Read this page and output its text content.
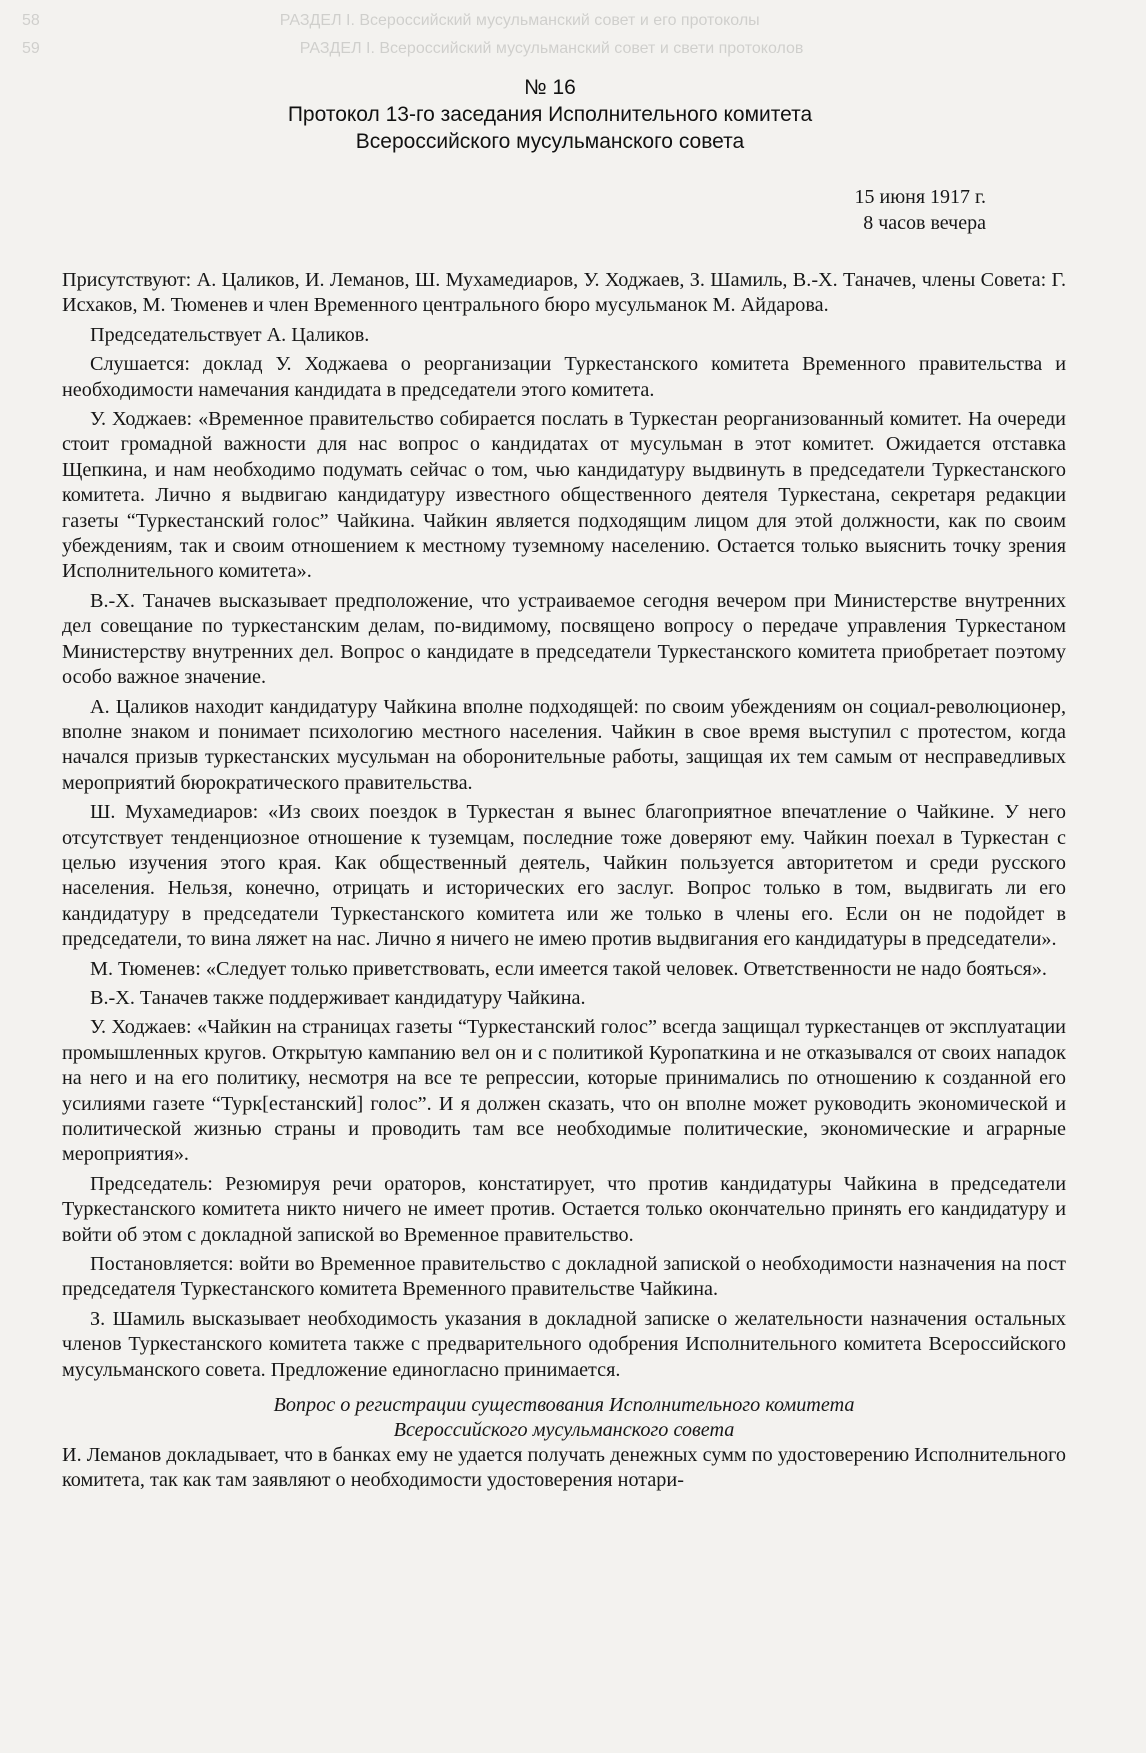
58	РАЗДЕЛ I. Всероссийский мусульманский совет и его протоколы
59	РАЗДЕЛ I. Всероссийский мусульманский совет и свети протоколов
№ 16
Протокол 13-го заседания Исполнительного комитета
Всероссийского мусульманского совета
15 июня 1917 г.
8 часов вечера

Присутствуют: А. Цаликов, И. Леманов, Ш. Мухамедиаров, У. Ходжаев, З. Шамиль, В.-Х. Таначев, члены Совета: Г. Исхаков, М. Тюменев и член Временного центрального бюро мусульманок М. Айдарова.

Председательствует А. Цаликов.

Слушается: доклад У. Ходжаева о реорганизации Туркестанского комитета Временного правительства и необходимости намечания кандидата в председатели этого комитета.

У. Ходжаев: «Временное правительство собирается послать в Туркестан реорганизованный комитет. На очереди стоит громадной важности для нас вопрос о кандидатах от мусульман в этот комитет. Ожидается отставка Щепкина, и нам необходимо подумать сейчас о том, чью кандидатуру выдвинуть в председатели Туркестанского комитета. Лично я выдвигаю кандидатуру известного общественного деятеля Туркестана, секретаря редакции газеты “Туркестанский голос” Чайкина. Чайкин является подходящим лицом для этой должности, как по своим убеждениям, так и своим отношением к местному туземному населению. Остается только выяснить точку зрения Исполнительного комитета».

В.-Х. Таначев высказывает предположение, что устраиваемое сегодня вечером при Министерстве внутренних дел совещание по туркестанским делам, по-видимому, посвящено вопросу о передаче управления Туркестаном Министерству внутренних дел. Вопрос о кандидате в председатели Туркестанского комитета приобретает поэтому особо важное значение.

А. Цаликов находит кандидатуру Чайкина вполне подходящей: по своим убеждениям он социал-революционер, вполне знаком и понимает психологию местного населения. Чайкин в свое время выступил с протестом, когда начался призыв туркестанских мусульман на оборонительные работы, защищая их тем самым от несправедливых мероприятий бюрократического правительства.

Ш. Мухамедиаров: «Из своих поездок в Туркестан я вынес благоприятное впечатление о Чайкине. У него отсутствует тенденциозное отношение к туземцам, последние тоже доверяют ему. Чайкин поехал в Туркестан с целью изучения этого края. Как общественный деятель, Чайкин пользуется авторитетом и среди русского населения. Нельзя, конечно, отрицать и исторических его заслуг. Вопрос только в том, выдвигать ли его кандидатуру в председатели Туркестанского комитета или же только в члены его. Если он не подойдет в председатели, то вина ляжет на нас. Лично я ничего не имею против выдвигания его кандидатуры в председатели».

М. Тюменев: «Следует только приветствовать, если имеется такой человек. Ответственности не надо бояться».

В.-Х. Таначев также поддерживает кандидатуру Чайкина.

У. Ходжаев: «Чайкин на страницах газеты “Туркестанский голос” всегда защищал туркестанцев от эксплуатации промышленных кругов. Открытую кампанию вел он и с политикой Куропаткина и не отказывался от своих нападок на него и на его политику, несмотря на все те репрессии, которые принимались по отношению к созданной его усилиями газете “Турк[естанский] голос”. И я должен сказать, что он вполне может руководить экономической и политической жизнью страны и проводить там все необходимые политические, экономические и аграрные мероприятия».

Председатель: Резюмируя речи ораторов, констатирует, что против кандидатуры Чайкина в председатели Туркестанского комитета никто ничего не имеет против. Остается только окончательно принять его кандидатуру и войти об этом с докладной запиской во Временное правительство.

Постановляется: войти во Временное правительство с докладной запиской о необходимости назначения на пост председателя Туркестанского комитета Временного правительстве Чайкина.

З. Шамиль высказывает необходимость указания в докладной записке о желательности назначения остальных членов Туркестанского комитета также с предварительного одобрения Исполнительного комитета Всероссийского мусульманского совета. Предложение единогласно принимается.

Вопрос о регистрации существования Исполнительного комитета
Всероссийского мусульманского совета

И. Леманов докладывает, что в банках ему не удается получать денежных сумм по удостоверению Исполнительного комитета, так как там заявляют о необходимости удостоверения нотари-
